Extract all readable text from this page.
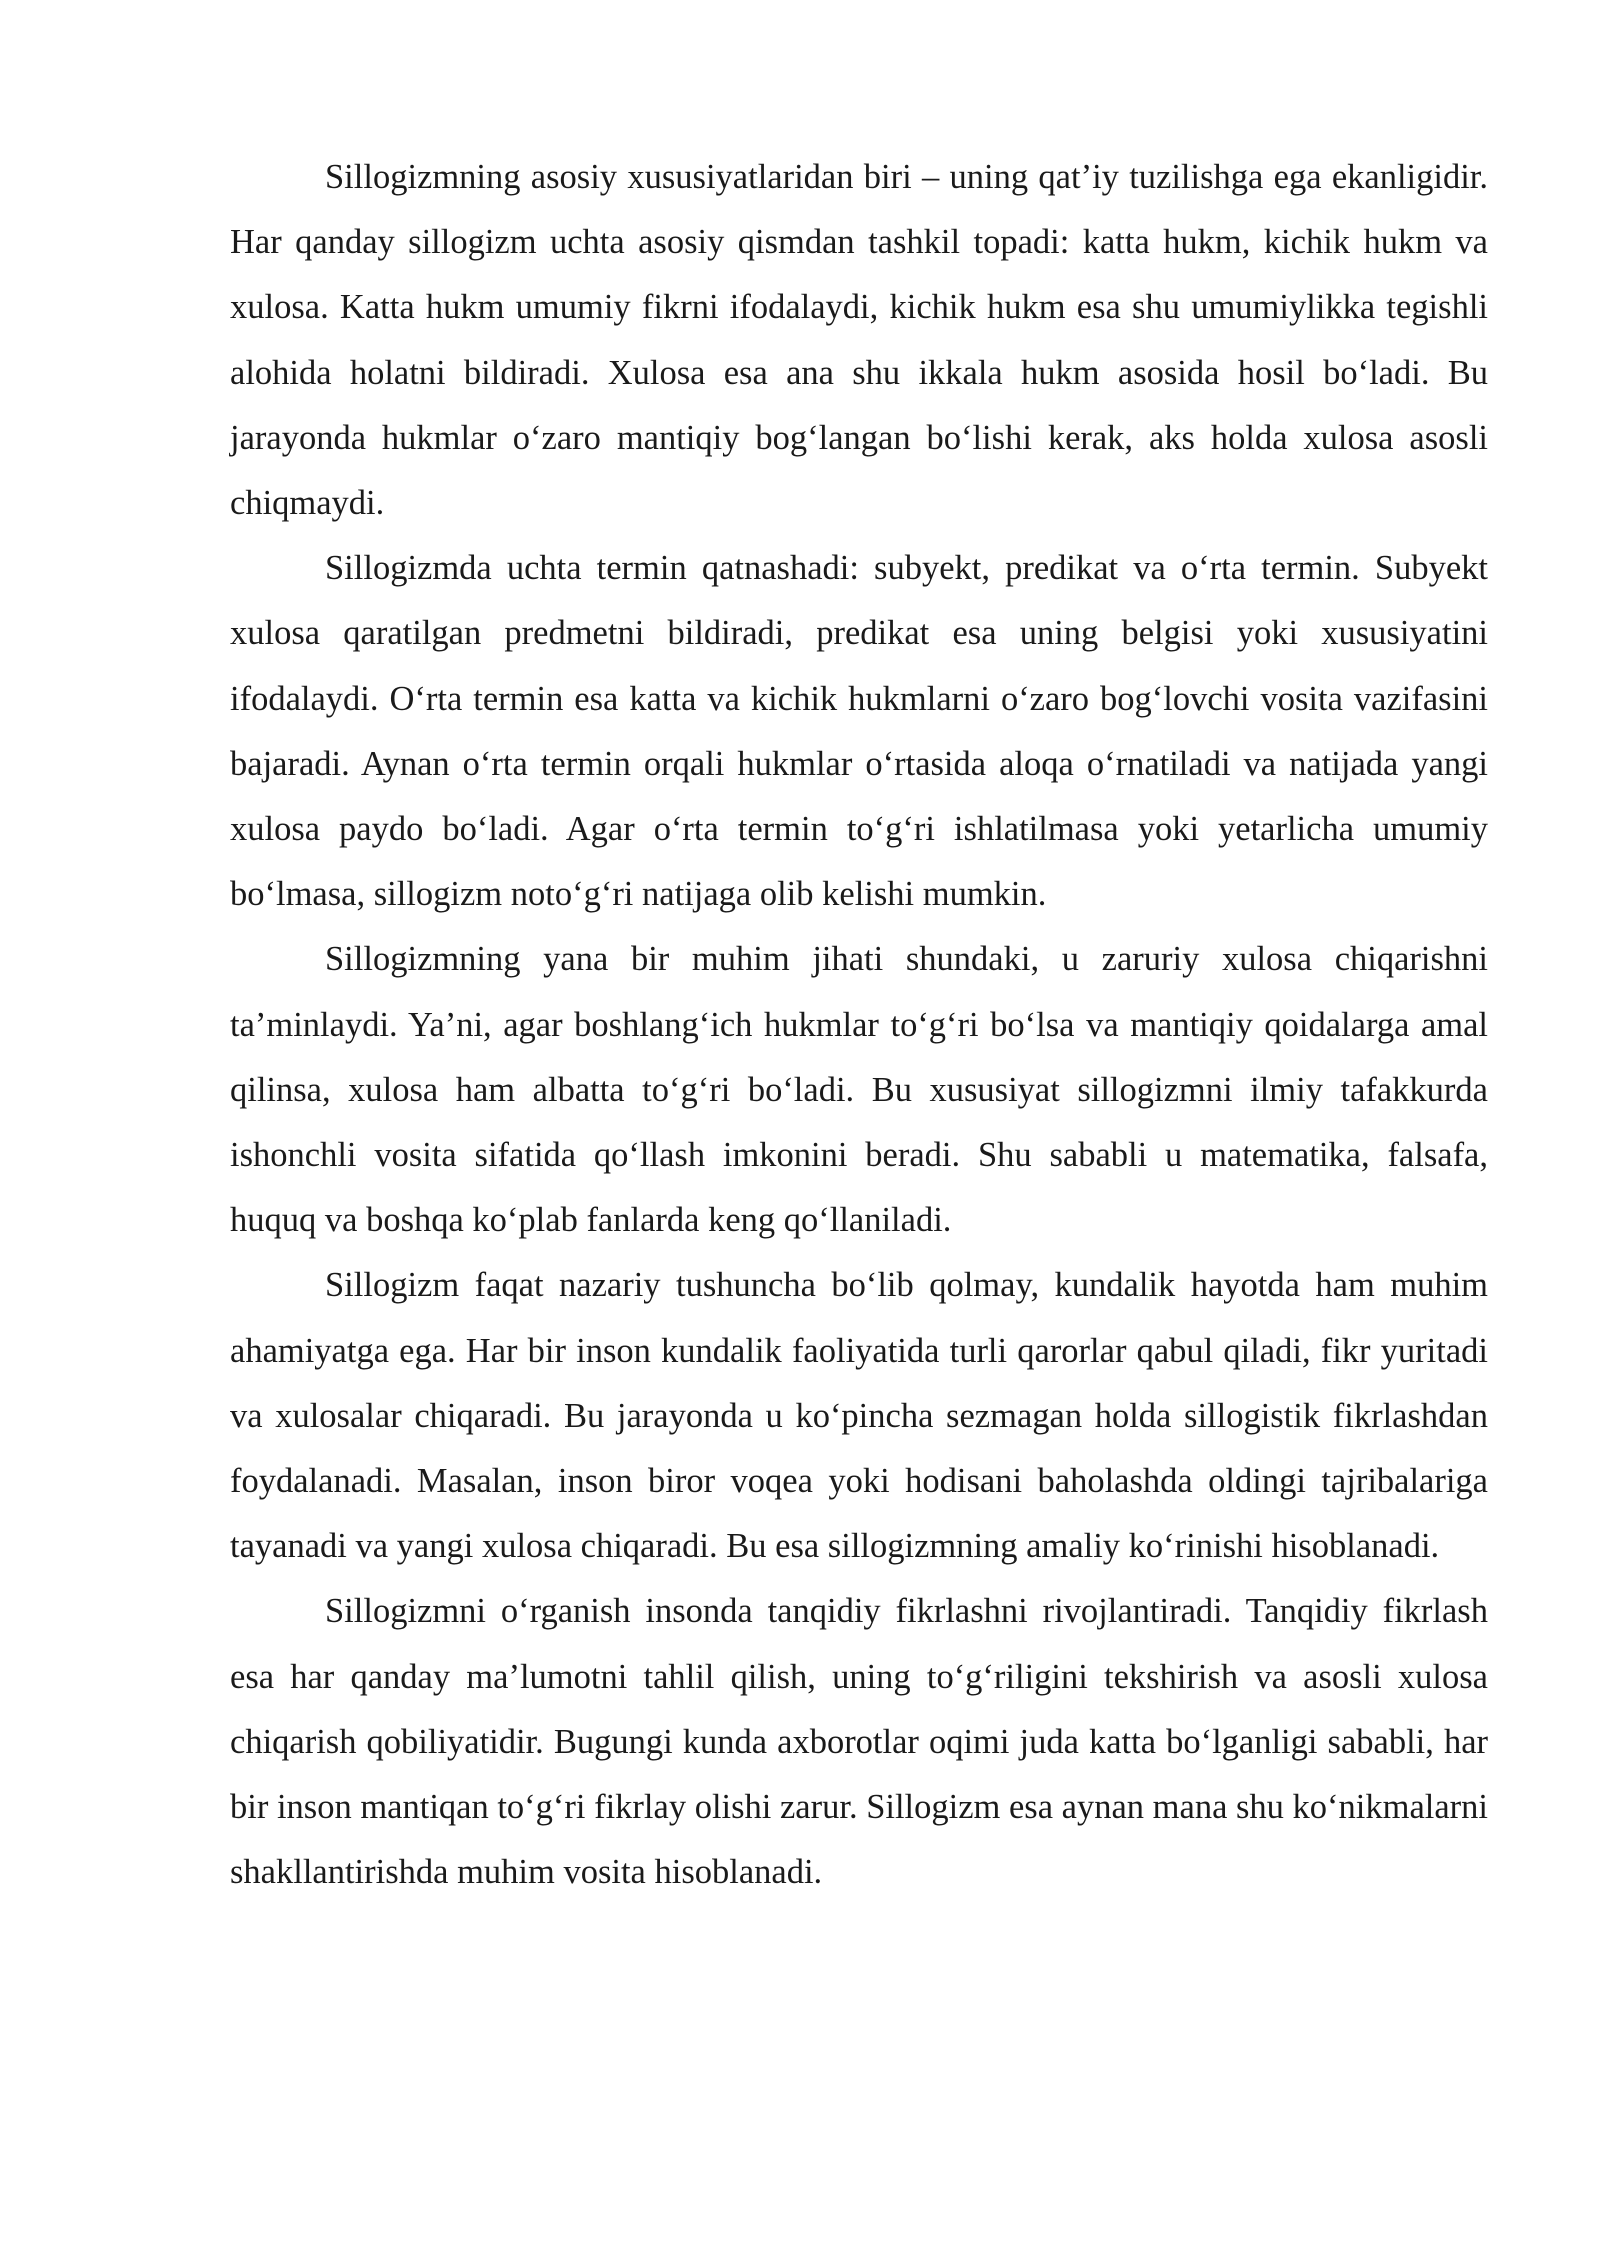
Sillogizmning asosiy xususiyatlaridan biri – uning qat’iy tuzilishga ega ekanligidir. Har qanday sillogizm uchta asosiy qismdan tashkil topadi: katta hukm, kichik hukm va xulosa. Katta hukm umumiy fikrni ifodalaydi, kichik hukm esa shu umumiylikka tegishli alohida holatni bildiradi. Xulosa esa ana shu ikkala hukm asosida hosil bo‘ladi. Bu jarayonda hukmlar o‘zaro mantiqiy bog‘langan bo‘lishi kerak, aks holda xulosa asosli chiqmaydi.

Sillogizmda uchta termin qatnashadi: subyekt, predikat va o‘rta termin. Subyekt xulosa qaratilgan predmetni bildiradi, predikat esa uning belgisi yoki xususiyatini ifodalaydi. O‘rta termin esa katta va kichik hukmlarni o‘zaro bog‘lovchi vosita vazifasini bajaradi. Aynan o‘rta termin orqali hukmlar o‘rtasida aloqa o‘rnatiladi va natijada yangi xulosa paydo bo‘ladi. Agar o‘rta termin to‘g‘ri ishlatilmasa yoki yetarlicha umumiy bo‘lmasa, sillogizm noto‘g‘ri natijaga olib kelishi mumkin.

Sillogizmning yana bir muhim jihati shundaki, u zaruriy xulosa chiqarishni ta’minlaydi. Ya’ni, agar boshlang‘ich hukmlar to‘g‘ri bo‘lsa va mantiqiy qoidalarga amal qilinsa, xulosa ham albatta to‘g‘ri bo‘ladi. Bu xususiyat sillogizmni ilmiy tafakkurda ishonchli vosita sifatida qo‘llash imkonini beradi. Shu sababli u matematika, falsafa, huquq va boshqa ko‘plab fanlarda keng qo‘llaniladi.

Sillogizm faqat nazariy tushuncha bo‘lib qolmay, kundalik hayotda ham muhim ahamiyatga ega. Har bir inson kundalik faoliyatida turli qarorlar qabul qiladi, fikr yuritadi va xulosalar chiqaradi. Bu jarayonda u ko‘pincha sezmagan holda sillogistik fikrlashdan foydalanadi. Masalan, inson biror voqea yoki hodisani baholashda oldingi tajribalariga tayanadi va yangi xulosa chiqaradi. Bu esa sillogizmning amaliy ko‘rinishi hisoblanadi.

Sillogizmni o‘rganish insonda tanqidiy fikrlashni rivojlantiradi. Tanqidiy fikrlash esa har qanday ma’lumotni tahlil qilish, uning to‘g‘riligini tekshirish va asosli xulosa chiqarish qobiliyatidir. Bugungi kunda axborotlar oqimi juda katta bo‘lganligi sababli, har bir inson mantiqan to‘g‘ri fikrlay olishi zarur. Sillogizm esa aynan mana shu ko‘nikmalarni shakllantirishda muhim vosita hisoblanadi.
